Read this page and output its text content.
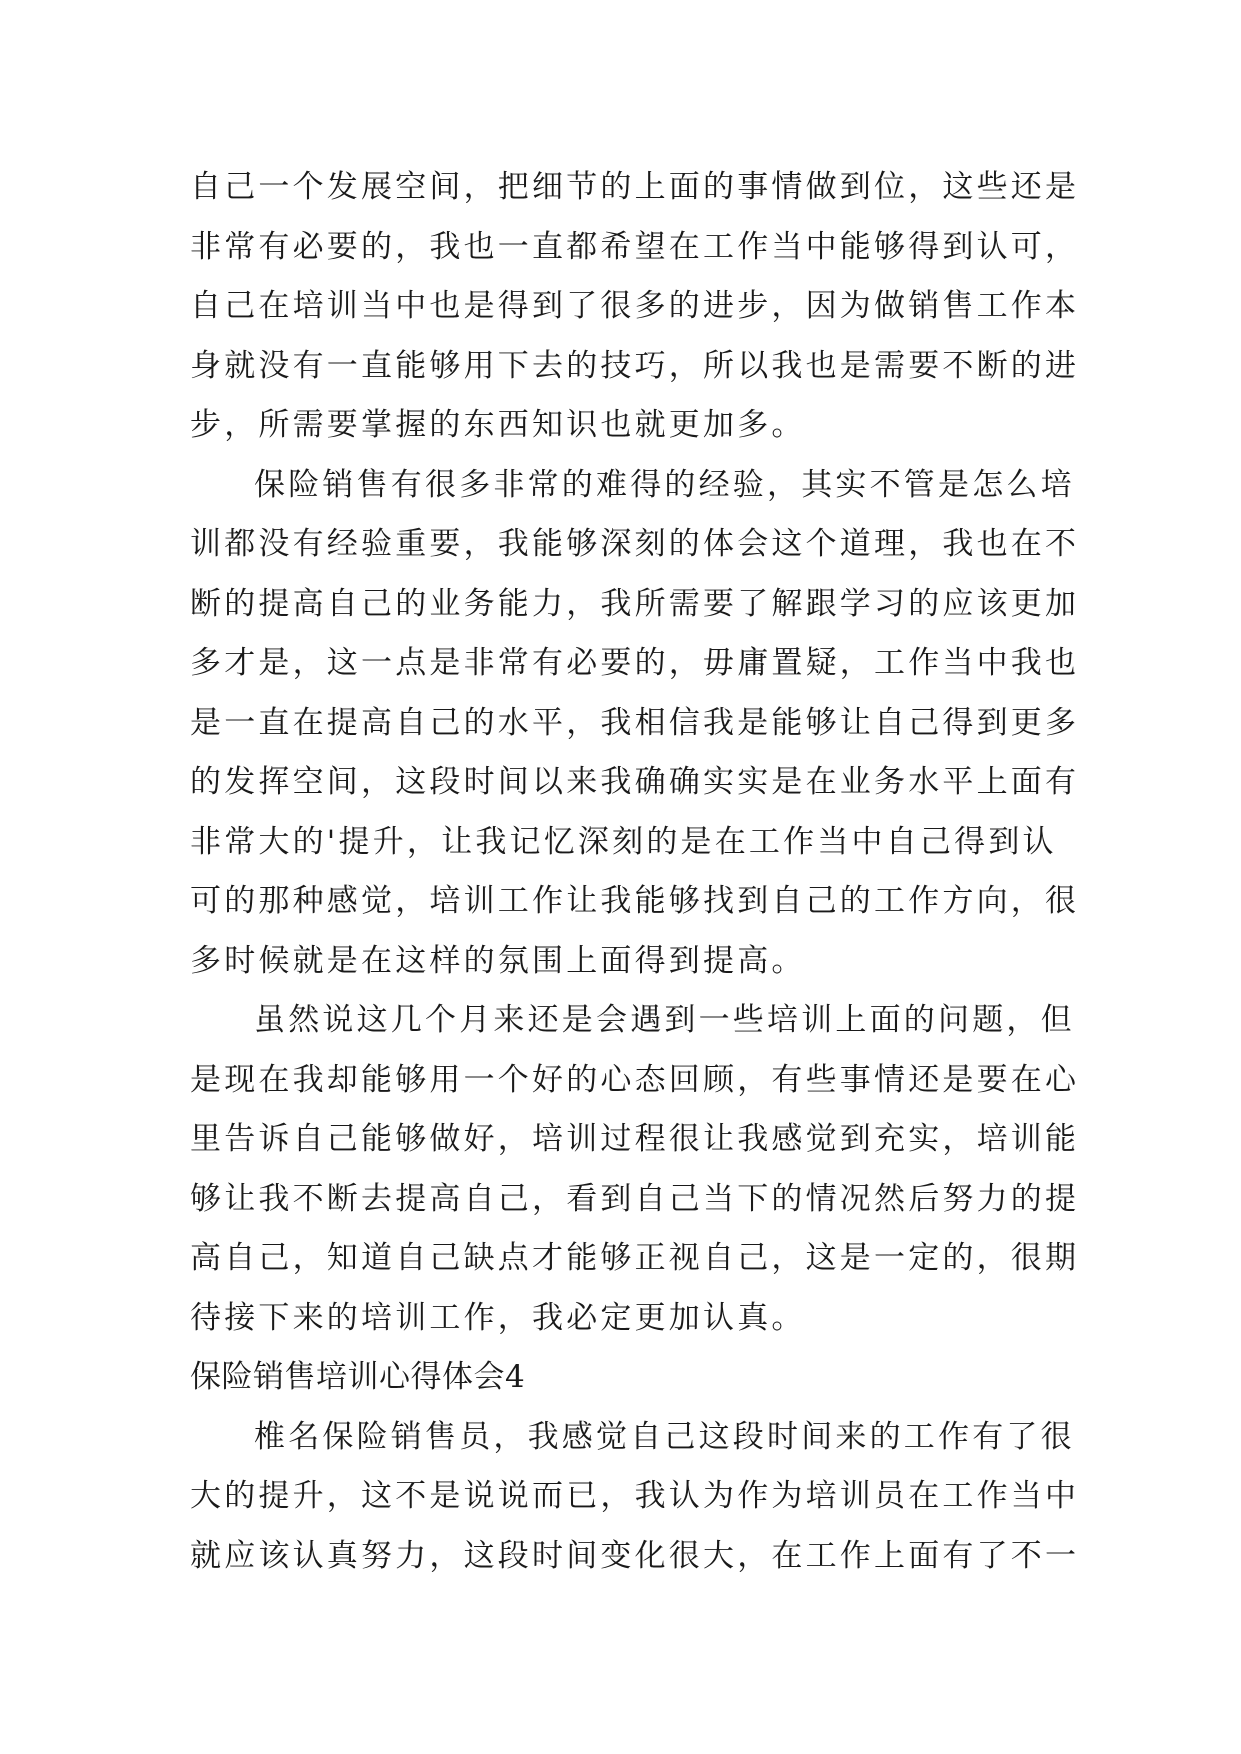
自己一个发展空间，把细节的上面的事情做到位，这些还是
非常有必要的，我也一直都希望在工作当中能够得到认可，
自己在培训当中也是得到了很多的进步，因为做销售工作本
身就没有一直能够用下去的技巧，所以我也是需要不断的进
步，所需要掌握的东西知识也就更加多。
保险销售有很多非常的难得的经验，其实不管是怎么培
训都没有经验重要，我能够深刻的体会这个道理，我也在不
断的提高自己的业务能力，我所需要了解跟学习的应该更加
多才是，这一点是非常有必要的，毋庸置疑，工作当中我也
是一直在提高自己的水平，我相信我是能够让自己得到更多
的发挥空间，这段时间以来我确确实实是在业务水平上面有
非常大的'提升，让我记忆深刻的是在工作当中自己得到认
可的那种感觉，培训工作让我能够找到自己的工作方向，很
多时候就是在这样的氛围上面得到提高。
虽然说这几个月来还是会遇到一些培训上面的问题，但
是现在我却能够用一个好的心态回顾，有些事情还是要在心
里告诉自己能够做好，培训过程很让我感觉到充实，培训能
够让我不断去提高自己，看到自己当下的情况然后努力的提
高自己，知道自己缺点才能够正视自己，这是一定的，很期
待接下来的培训工作，我必定更加认真。
保险销售培训心得体会4
椎名保险销售员，我感觉自己这段时间来的工作有了很
大的提升，这不是说说而已，我认为作为培训员在工作当中
就应该认真努力，这段时间变化很大，在工作上面有了不一
